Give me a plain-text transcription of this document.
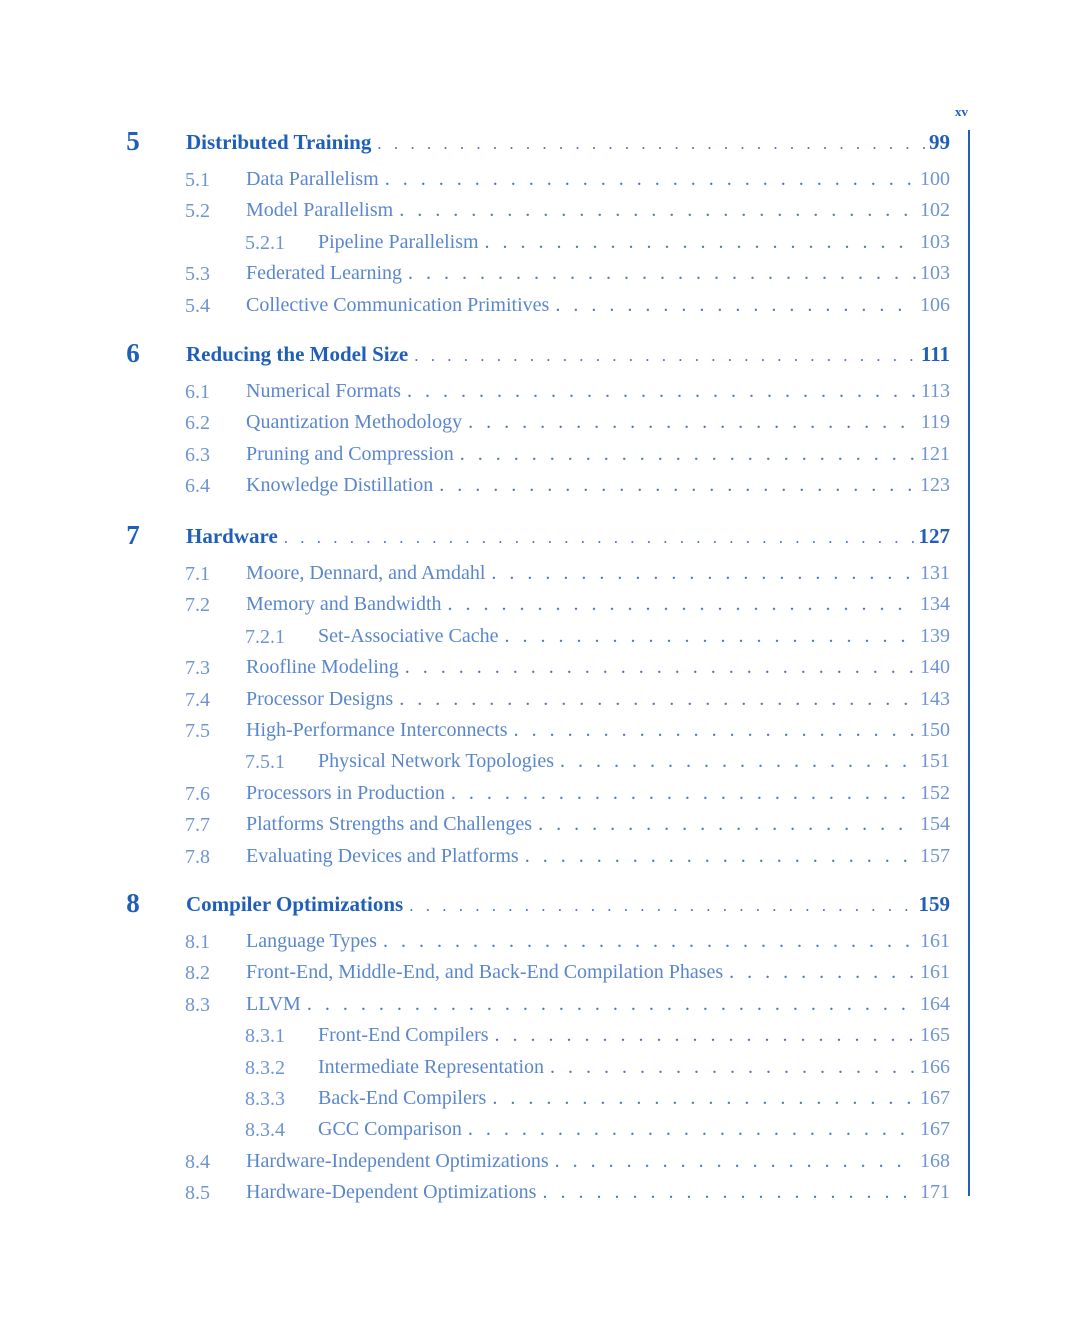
xv
5	Distributed Training . . .	99
5.1 Data Parallelism . . .	100
5.2 Model Parallelism . . .	102
5.2.1 Pipeline Parallelism . . .	103
5.3 Federated Learning . . .	103
5.4 Collective Communication Primitives . . .	106
6	Reducing the Model Size . . .	111
6.1 Numerical Formats . . .	113
6.2 Quantization Methodology . . .	119
6.3 Pruning and Compression . . .	121
6.4 Knowledge Distillation . . .	123
7	Hardware . . .	127
7.1 Moore, Dennard, and Amdahl . . .	131
7.2 Memory and Bandwidth . . .	134
7.2.1 Set-Associative Cache . . .	139
7.3 Roofline Modeling . . .	140
7.4 Processor Designs . . .	143
7.5 High-Performance Interconnects . . .	150
7.5.1 Physical Network Topologies . . .	151
7.6 Processors in Production . . .	152
7.7 Platforms Strengths and Challenges . . .	154
7.8 Evaluating Devices and Platforms . . .	157
8	Compiler Optimizations . . .	159
8.1 Language Types . . .	161
8.2 Front-End, Middle-End, and Back-End Compilation Phases . . .	161
8.3 LLVM . . .	164
8.3.1 Front-End Compilers . . .	165
8.3.2 Intermediate Representation . . .	166
8.3.3 Back-End Compilers . . .	167
8.3.4 GCC Comparison . . .	167
8.4 Hardware-Independent Optimizations . . .	168
8.5 Hardware-Dependent Optimizations . . .	171
